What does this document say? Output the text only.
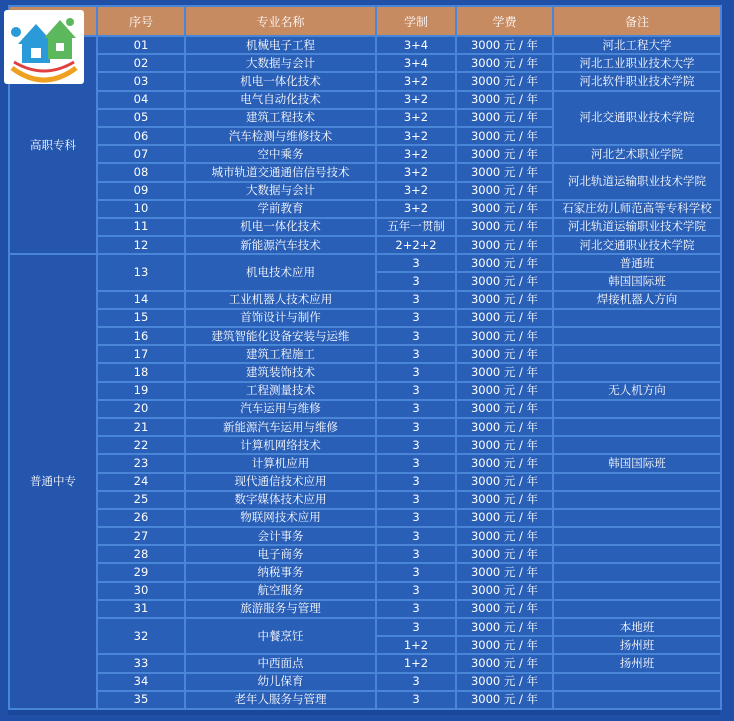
	序号	专业名称	学制	学费	备注
高职专科	01	机械电子工程	3+4	3000 元 / 年	河北工程大学
	02	大数据与会计	3+4	3000 元 / 年	河北工业职业技术大学
	03	机电一体化技术	3+2	3000 元 / 年	河北软件职业技术学院
	04	电气自动化技术	3+2	3000 元 / 年	河北交通职业技术学院
	05	建筑工程技术	3+2	3000 元 / 年	
	06	汽车检测与维修技术	3+2	3000 元 / 年	
	07	空中乘务	3+2	3000 元 / 年	河北艺术职业学院
	08	城市轨道交通通信信号技术	3+2	3000 元 / 年	河北轨道运输职业技术学院
	09	大数据与会计	3+2	3000 元 / 年	
	10	学前教育	3+2	3000 元 / 年	石家庄幼儿师范高等专科学校
	11	机电一体化技术	五年一贯制	3000 元 / 年	河北轨道运输职业技术学院
	12	新能源汽车技术	2+2+2	3000 元 / 年	河北交通职业技术学院
普通中专	13	机电技术应用	3	3000 元 / 年	普通班
			3	3000 元 / 年	韩国国际班
	14	工业机器人技术应用	3	3000 元 / 年	焊接机器人方向
	15	首饰设计与制作	3	3000 元 / 年	
	16	建筑智能化设备安装与运维	3	3000 元 / 年	
	17	建筑工程施工	3	3000 元 / 年	
	18	建筑装饰技术	3	3000 元 / 年	
	19	工程测量技术	3	3000 元 / 年	无人机方向
	20	汽车运用与维修	3	3000 元 / 年	
	21	新能源汽车运用与维修	3	3000 元 / 年	
	22	计算机网络技术	3	3000 元 / 年	
	23	计算机应用	3	3000 元 / 年	韩国国际班
	24	现代通信技术应用	3	3000 元 / 年	
	25	数字媒体技术应用	3	3000 元 / 年	
	26	物联网技术应用	3	3000 元 / 年	
	27	会计事务	3	3000 元 / 年	
	28	电子商务	3	3000 元 / 年	
	29	纳税事务	3	3000 元 / 年	
	30	航空服务	3	3000 元 / 年	
	31	旅游服务与管理	3	3000 元 / 年	
	32	中餐烹饪	3	3000 元 / 年	本地班
			1+2	3000 元 / 年	扬州班
	33	中西面点	1+2	3000 元 / 年	扬州班
	34	幼儿保育	3	3000 元 / 年	
	35	老年人服务与管理	3	3000 元 / 年	
